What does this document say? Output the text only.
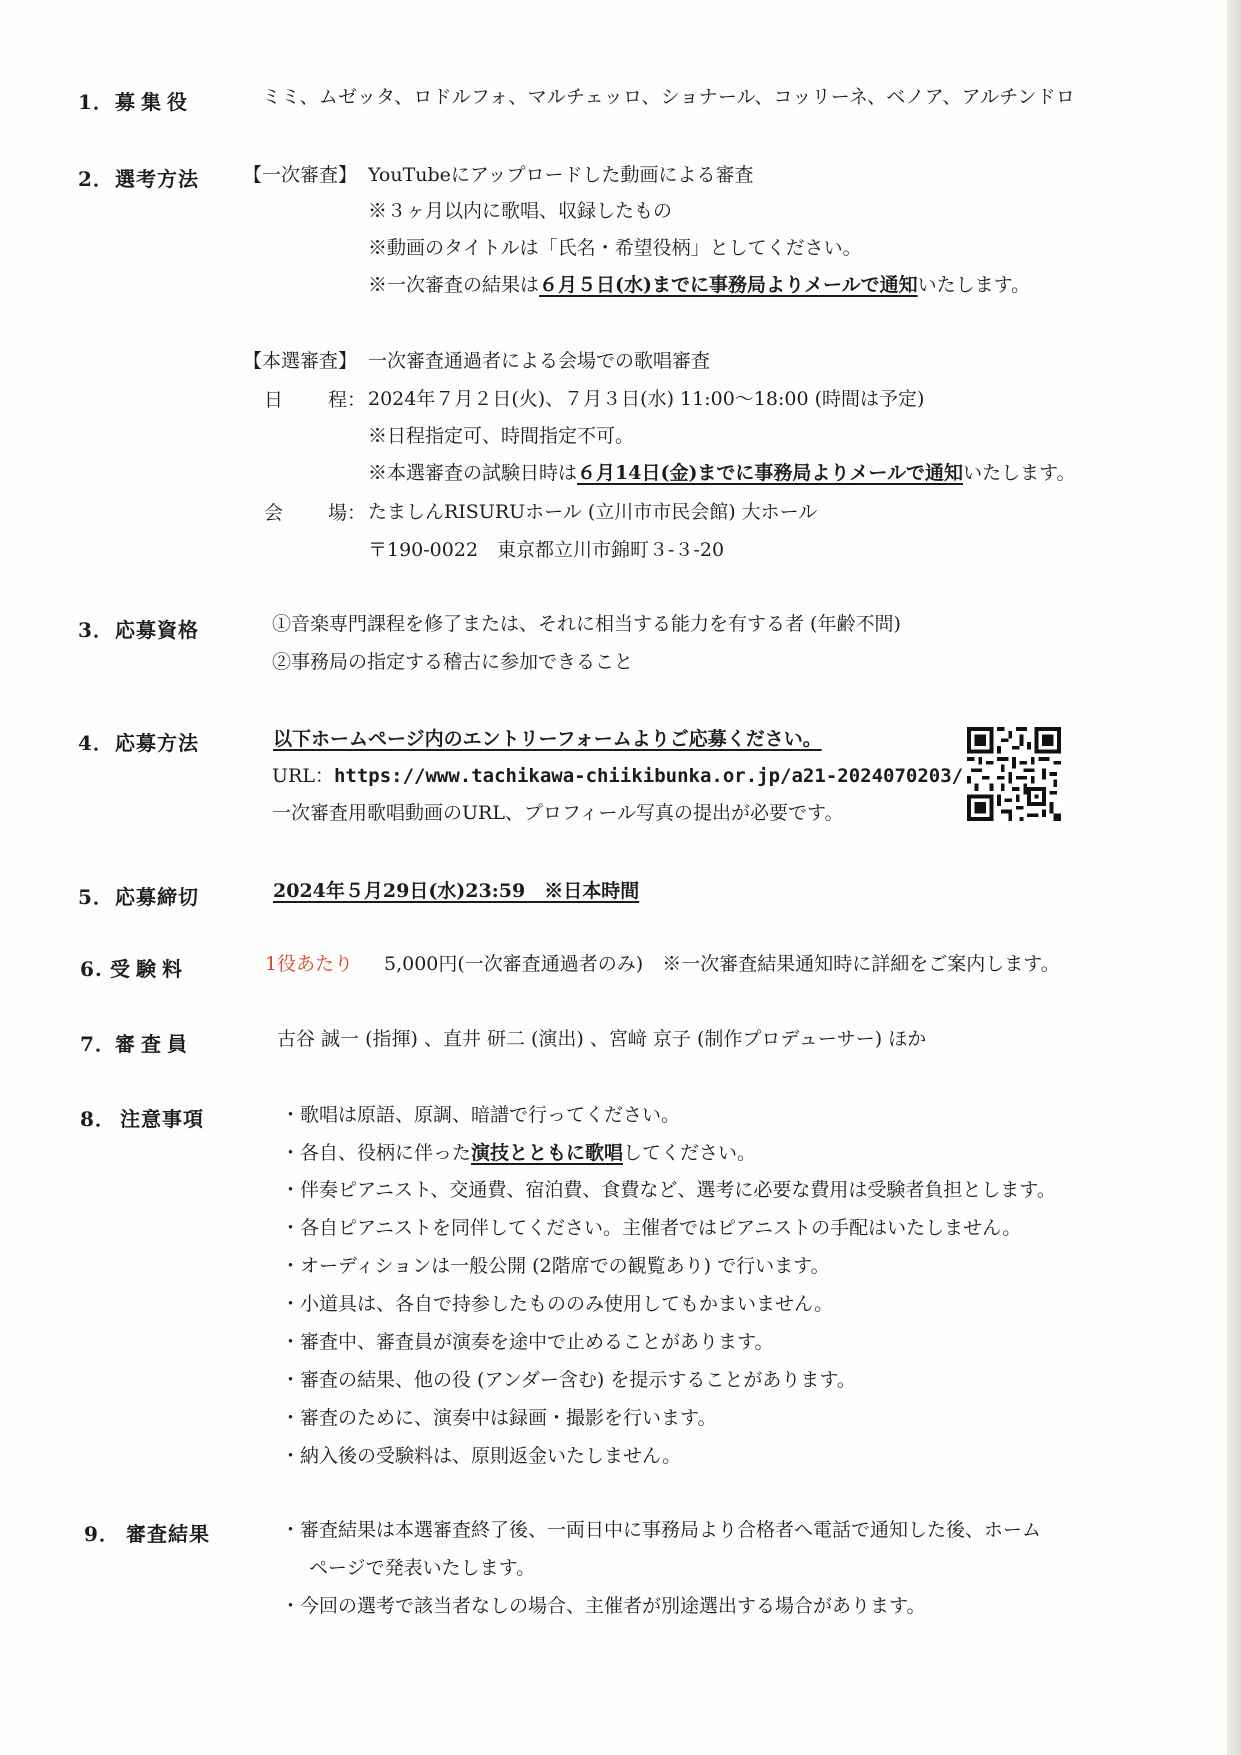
1． 募集役	ミミ、ムゼッタ、ロドルフォ、マルチェッロ、ショナール、コッリーネ、ベノア、アルチンドロ
2． 選考方法 【一次審査】 YouTubeにアップロードした動画による審査
※３ヶ月以内に歌唱、収録したもの
※動画のタイトルは「氏名・希望役柄」としてください。
※一次審査の結果は６月５日(水)までに事務局よりメールで通知いたします。
【本選審査】 一次審査通過者による会場での歌唱審査
日 程： 2024年７月２日(火)、７月３日(水) 11:00～18:00 (時間は予定)
※日程指定可、時間指定不可。
※本選審査の試験日時は６月14日(金)までに事務局よりメールで通知いたします。
会 場： たましんRISURUホール (立川市市民会館) 大ホール
〒190-0022　東京都立川市錦町３-３-20
3． 応募資格	①音楽専門課程を修了または、それに相当する能力を有する者 (年齢不問)
②事務局の指定する稽古に参加できること
4． 応募方法	以下ホームページ内のエントリーフォームよりご応募ください。
URL：https://www.tachikawa-chiikibunka.or.jp/a21-2024070203/
一次審査用歌唱動画のURL、プロフィール写真の提出が必要です。
5． 応募締切	2024年５月29日(水)23:59　※日本時間
6. 受験料	1役あたり 5,000円(一次審査通過者のみ)　※一次審査結果通知時に詳細をご案内します。
7． 審査員	古谷 誠一 (指揮) 、直井 研二 (演出) 、宮﨑 京子 (制作プロデューサー) ほか
8． 注意事項	・歌唱は原語、原調、暗譜で行ってください。
・各自、役柄に伴った演技とともに歌唱してください。
・伴奏ピアニスト、交通費、宿泊費、食費など、選考に必要な費用は受験者負担とします。
・各自ピアニストを同伴してください。主催者ではピアニストの手配はいたしません。
・オーディションは一般公開 (2階席での観覧あり) で行います。
・小道具は、各自で持参したもののみ使用してもかまいません。
・審査中、審査員が演奏を途中で止めることがあります。
・審査の結果、他の役 (アンダー含む) を提示することがあります。
・審査のために、演奏中は録画・撮影を行います。
・納入後の受験料は、原則返金いたしません。
9． 審査結果	・審査結果は本選審査終了後、一両日中に事務局より合格者へ電話で通知した後、ホーム
ページで発表いたします。
・今回の選考で該当者なしの場合、主催者が別途選出する場合があります。
